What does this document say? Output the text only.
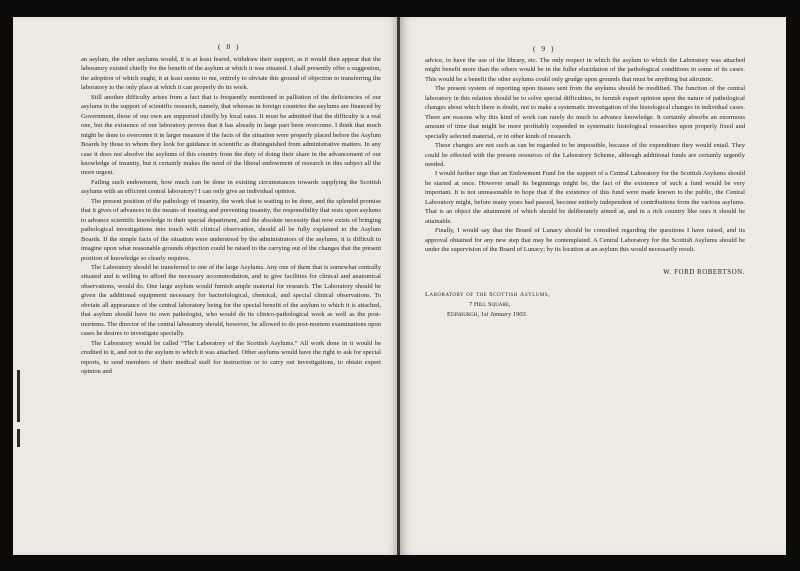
( 8 )

an asylum, the other asylums would, it is at least feared, withdraw their support, as it would then appear that the laboratory existed chiefly for the benefit of the asylum at which it was situated. I shall presently offer a suggestion, the adoption of which ought, it at least seems to me, entirely to obviate this ground of objection to transferring the laboratory to the only place at which it can properly do its work.

Still another difficulty arises from a fact that is frequently mentioned in palliation of the deficiencies of our asylums in the support of scientific research, namely, that whereas in foreign countries the asylums are financed by Government, those of our own are supported chiefly by local rates. It must be admitted that the difficulty is a real one, but the existence of our laboratory proves that it has already in large part been overcome. I think that much might be done to overcome it in larger measure if the facts of the situation were properly placed before the Asylum Boards by those to whom they look for guidance in scientific as distinguished from administrative matters. In any case it does not absolve the asylums of this country from the duty of doing their share in the advancement of our knowledge of insanity, but it certainly makes the need of the liberal endowment of research in this subject all the more urgent.

Failing such endowment, how much can be done in existing circumstances towards supplying the Scottish asylums with an efficient central laboratory? I can only give an individual opinion.

The present position of the pathology of insanity, the work that is waiting to be done, and the splendid promise that it gives of advances in the means of treating and preventing insanity, the responsibility that rests upon asylums to advance scientific knowledge in their special department, and the absolute necessity that now exists of bringing pathological investigations into touch with clinical observation, should all be fully explained to the Asylum Boards. If the simple facts of the situation were understood by the administrators of the asylums, it is difficult to imagine upon what reasonable grounds objection could be raised to the carrying out of the changes that the present position of knowledge so clearly requires.

The Laboratory should be transferred to one of the large Asylums. Any one of them that is somewhat centrally situated and is willing to afford the necessary accommodation, and to give facilities for clinical and anatomical observations, would do. One large asylum would furnish ample material for research. The Laboratory should be given the additional equipment necessary for bacteriological, chemical, and special clinical observations. To obviate all appearance of the central laboratory being for the special benefit of the asylum to which it is attached, that asylum should have its own pathologist, who would do its clinico-pathological work as well as the post-mortems. The director of the central laboratory should, however, be allowed to do post-mortem examinations upon cases he desires to investigate specially.

The Laboratory would be called “The Laboratory of the Scottish Asylums.” All work done in it would be credited to it, and not to the asylum to which it was attached. Other asylums would have the right to ask for special reports, to send members of their medical staff for instruction or to carry out investigations, to obtain expert opinion and

( 9 )

advice, to have the use of the library, etc. The only respect in which the asylum to which the Laboratory was attached might benefit more than the others would be in the fuller elucidation of the pathological conditions in some of its cases. This would be a benefit the other asylums could only grudge upon grounds that must be anything but altruistic.

The present system of reporting upon tissues sent from the asylums should be modified. The function of the central laboratory in this relation should be to solve special difficulties, to furnish expert opinion upon the nature of pathological changes about which there is doubt, not to make a systematic investigation of the histological changes in individual cases. There are reasons why this kind of work can rarely do much to advance knowledge. It certainly absorbs an enormous amount of time that might be more profitably expended in systematic histological researches upon properly fixed and specially selected material, or in other kinds of research.

These changes are not such as can be regarded to be impossible, because of the expenditure they would entail. They could be effected with the present resources of the Laboratory Scheme, although additional funds are certainly urgently needed.

I would further urge that an Endowment Fund for the support of a Central Laboratory for the Scottish Asylums should be started at once. However small its beginnings might be, the fact of the existence of such a fund would be very important. It is not unreasonable to hope that if the existence of this fund were made known to the public, the Central Laboratory might, before many years had passed, become entirely independent of contributions from the various asylums. That is an object the attainment of which should be deliberately aimed at, and in a rich country like ours it should be attainable.

Finally, I would say that the Board of Lunacy should be consulted regarding the questions I have raised, and its approval obtained for any new step that may be contemplated. A Central Laboratory for the Scottish Asylums should be under the supervision of the Board of Lunacy; by its location at an asylum this would necessarily result.

W. FORD ROBERTSON.
Laboratory of the Scottish Asylums,
7 Hill Square,
Edinburgh, 1st January 1903.
